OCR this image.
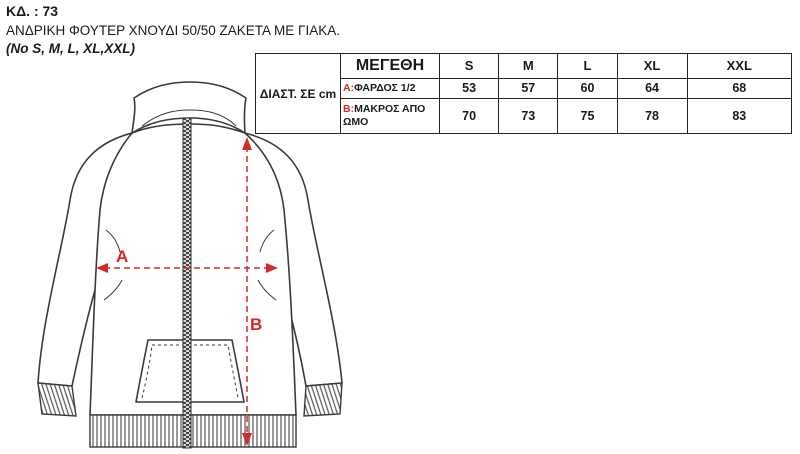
ΚΔ. : 73

ΑΝΔΡΙΚΗ ΦΟΥΤΕΡ ΧΝΟΥΔΙ 50/50 ΖΑΚΕΤΑ ΜΕ ΓΙΑΚΑ.

(No S, M, L, XL,XXL)

ΔΙΑΣΤ. ΣΕ cm	ΜΕΓΕΘΗ	S	M	L	XL	XXL
	A:ΦΑΡΔΟΣ 1/2	53	57	60	64	68
	B:ΜΑΚΡΟΣ ΑΠΟ ΩΜΟ	70	73	75	78	83
A
B
